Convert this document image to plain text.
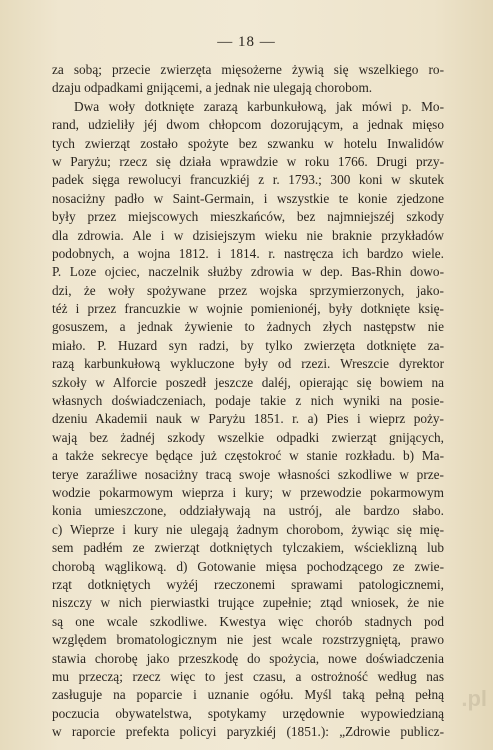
— 18 —
za sobą; przecie zwierzęta mięsożerne żywią się wszelkiego ro-
dzaju odpadkami gnijącemi, a jednak nie ulegają chorobom.
Dwa woły dotknięte zarazą karbunkułową, jak mówi p. Mo-
rand, udzieliły jéj dwom chłopcom dozorującym, a jednak mięso
tych zwierząt zostało spożyte bez szwanku w hotelu Inwalidów
w Paryżu; rzecz się działa wprawdzie w roku 1766. Drugi przy-
padek sięga rewolucyi francuzkiéj z r. 1793.; 300 koni w skutek
nosaciżny padło w Saint-Germain, i wszystkie te konie zjedzone
były przez miejscowych mieszkańców, bez najmniejszéj szkody
dla zdrowia. Ale i w dzisiejszym wieku nie braknie przykładów
podobnych, a wojna 1812. i 1814. r. nastręcza ich bardzo wiele.
P. Loze ojciec, naczelnik służby zdrowia w dep. Bas-Rhin dowo-
dzi, że woły spożywane przez wojska sprzymierzonych, jako-
téż i przez francuzkie w wojnie pomienionéj, były dotknięte księ-
gosuszem, a jednak żywienie to żadnych złych następstw nie
miało. P. Huzard syn radzi, by tylko zwierzęta dotknięte za-
razą karbunkułową wykluczone były od rzezi. Wreszcie dyrektor
szkoły w Alforcie poszedł jeszcze daléj, opierając się bowiem na
własnych doświadczeniach, podaje takie z nich wyniki na posie-
dzeniu Akademii nauk w Paryżu 1851. r. a) Pies i wieprz poży-
wają bez żadnéj szkody wszelkie odpadki zwierząt gnijących,
a także sekrecye będące już częstokroć w stanie rozkładu. b) Ma-
terye zaraźliwe nosaciżny tracą swoje własności szkodliwe w prze-
wodzie pokarmowym wieprza i kury; w przewodzie pokarmowym
konia umieszczone, oddziaływają na ustrój, ale bardzo słabo.
c) Wieprze i kury nie ulegają żadnym chorobom, żywiąc się mię-
sem padłém ze zwierząt dotkniętych tylczakiem, wścieklizną lub
chorobą wąglikową. d) Gotowanie mięsa pochodzącego ze zwie-
rząt dotkniętych wyżéj rzeczonemi sprawami patologicznemi,
niszczy w nich pierwiastki trujące zupełnie; ztąd wniosek, że nie
są one wcale szkodliwe. Kwestya więc chorób stadnych pod
względem bromatologicznym nie jest wcale rozstrzygniętą, prawo
stawia chorobę jako przeszkodę do spożycia, nowe doświadczenia
mu przeczą; rzecz więc to jest czasu, a ostrożność według nas
zasługuje na poparcie i uznanie ogółu. Myśl taką pełną pełną
poczucia obywatelstwa, spotykamy urzędownie wypowiedzianą
w raporcie prefekta policyi paryzkiéj (1851.): „Zdrowie publicz-
.pl
